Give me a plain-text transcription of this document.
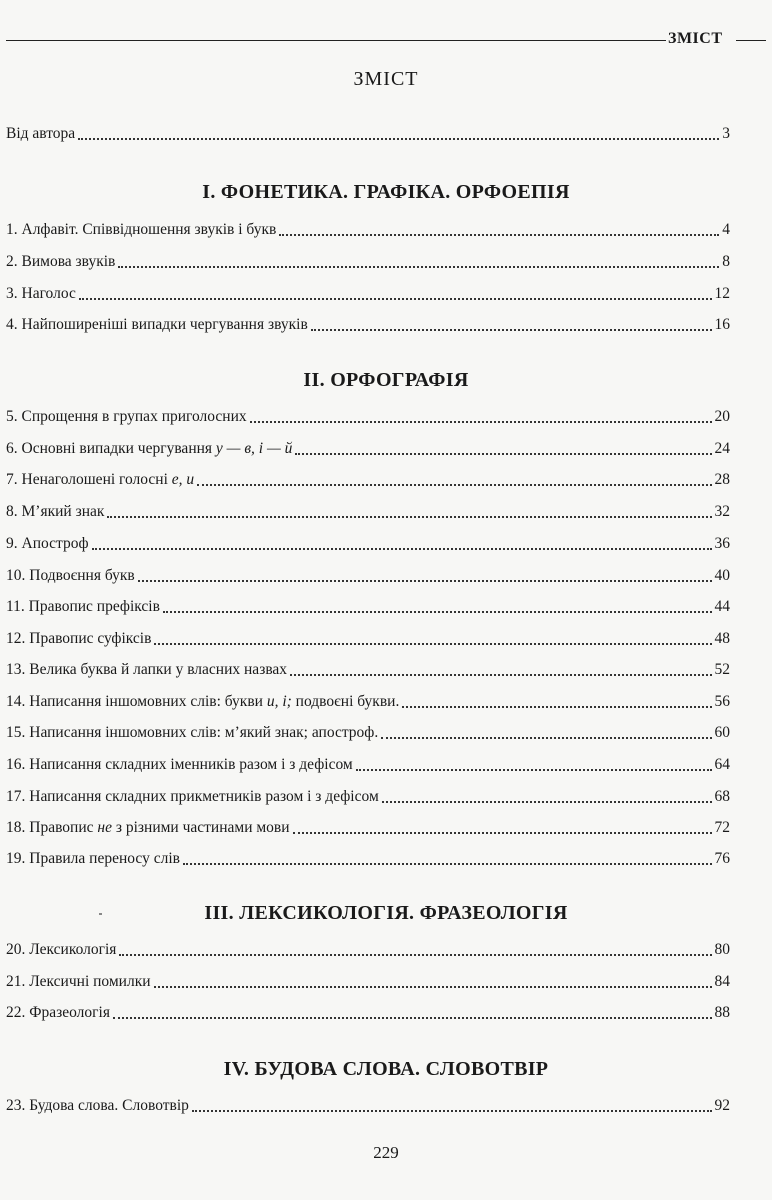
ЗМІСТ
ЗМІСТ
Від автора	3
І. ФОНЕТИКА. ГРАФІКА. ОРФОЕПІЯ
1. Алфавіт. Співвідношення звуків і букв	4
2. Вимова звуків	8
3. Наголос	12
4. Найпоширеніші випадки чергування звуків	16
ІІ. ОРФОГРАФІЯ
5. Спрощення в групах приголосних	20
6. Основні випадки чергування у — в, і — й	24
7. Ненаголошені голосні е, и	28
8. М’який знак	32
9. Апостроф	36
10. Подвоєння букв	40
11. Правопис префіксів	44
12. Правопис суфіксів	48
13. Велика буква й лапки у власних назвах	52
14. Написання іншомовних слів: букви и, і; подвоєні букви.	56
15. Написання іншомовних слів: м’який знак; апостроф.	60
16. Написання складних іменників разом і з дефісом	64
17. Написання складних прикметників разом і з дефісом	68
18. Правопис не з різними частинами мови	72
19. Правила переносу слів	76
ІІІ. ЛЕКСИКОЛОГІЯ. ФРАЗЕОЛОГІЯ
20. Лексикологія	80
21. Лексичні помилки	84
22. Фразеологія	88
IV. БУДОВА СЛОВА. СЛОВОТВІР
23. Будова слова. Словотвір	92
229
